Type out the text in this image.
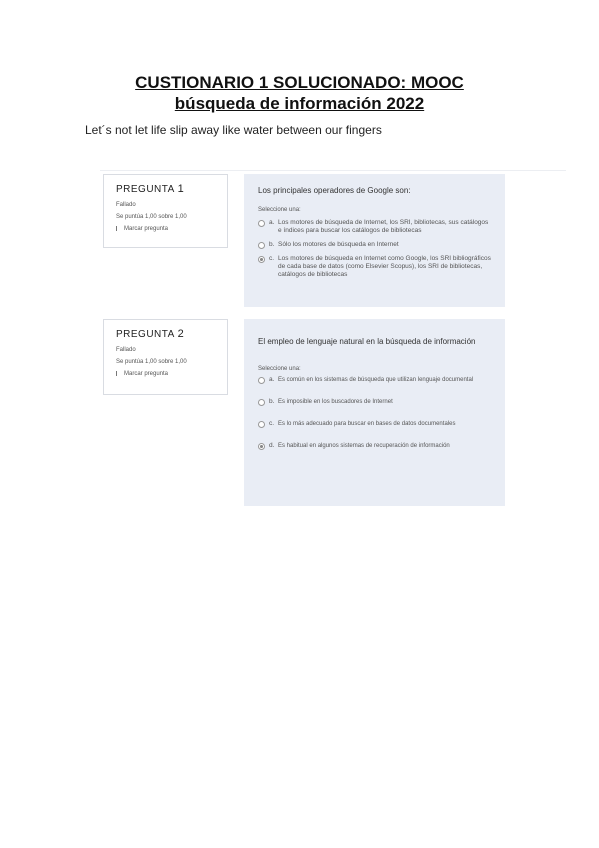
CUSTIONARIO 1 SOLUCIONADO: MOOC
búsqueda de información 2022
Let´s not let life slip away like water between our fingers
PREGUNTA 1
Fallado
Se puntúa 1,00 sobre 1,00
Marcar pregunta
Los principales operadores de Google son:
Seleccione una:
a. Los motores de búsqueda de Internet, los SRI, bibliotecas, sus catálogos e índices para buscar los catálogos de bibliotecas
b. Sólo los motores de búsqueda en Internet
c. Los motores de búsqueda en Internet como Google, los SRI bibliográficos de cada base de datos (como Elsevier Scopus), los SRI de bibliotecas, catálogos de bibliotecas
PREGUNTA 2
Fallado
Se puntúa 1,00 sobre 1,00
Marcar pregunta
El empleo de lenguaje natural en la búsqueda de información
Seleccione una:
a. Es común en los sistemas de búsqueda que utilizan lenguaje documental
b. Es imposible en los buscadores de Internet
c. Es lo más adecuado para buscar en bases de datos documentales
d. Es habitual en algunos sistemas de recuperación de información
